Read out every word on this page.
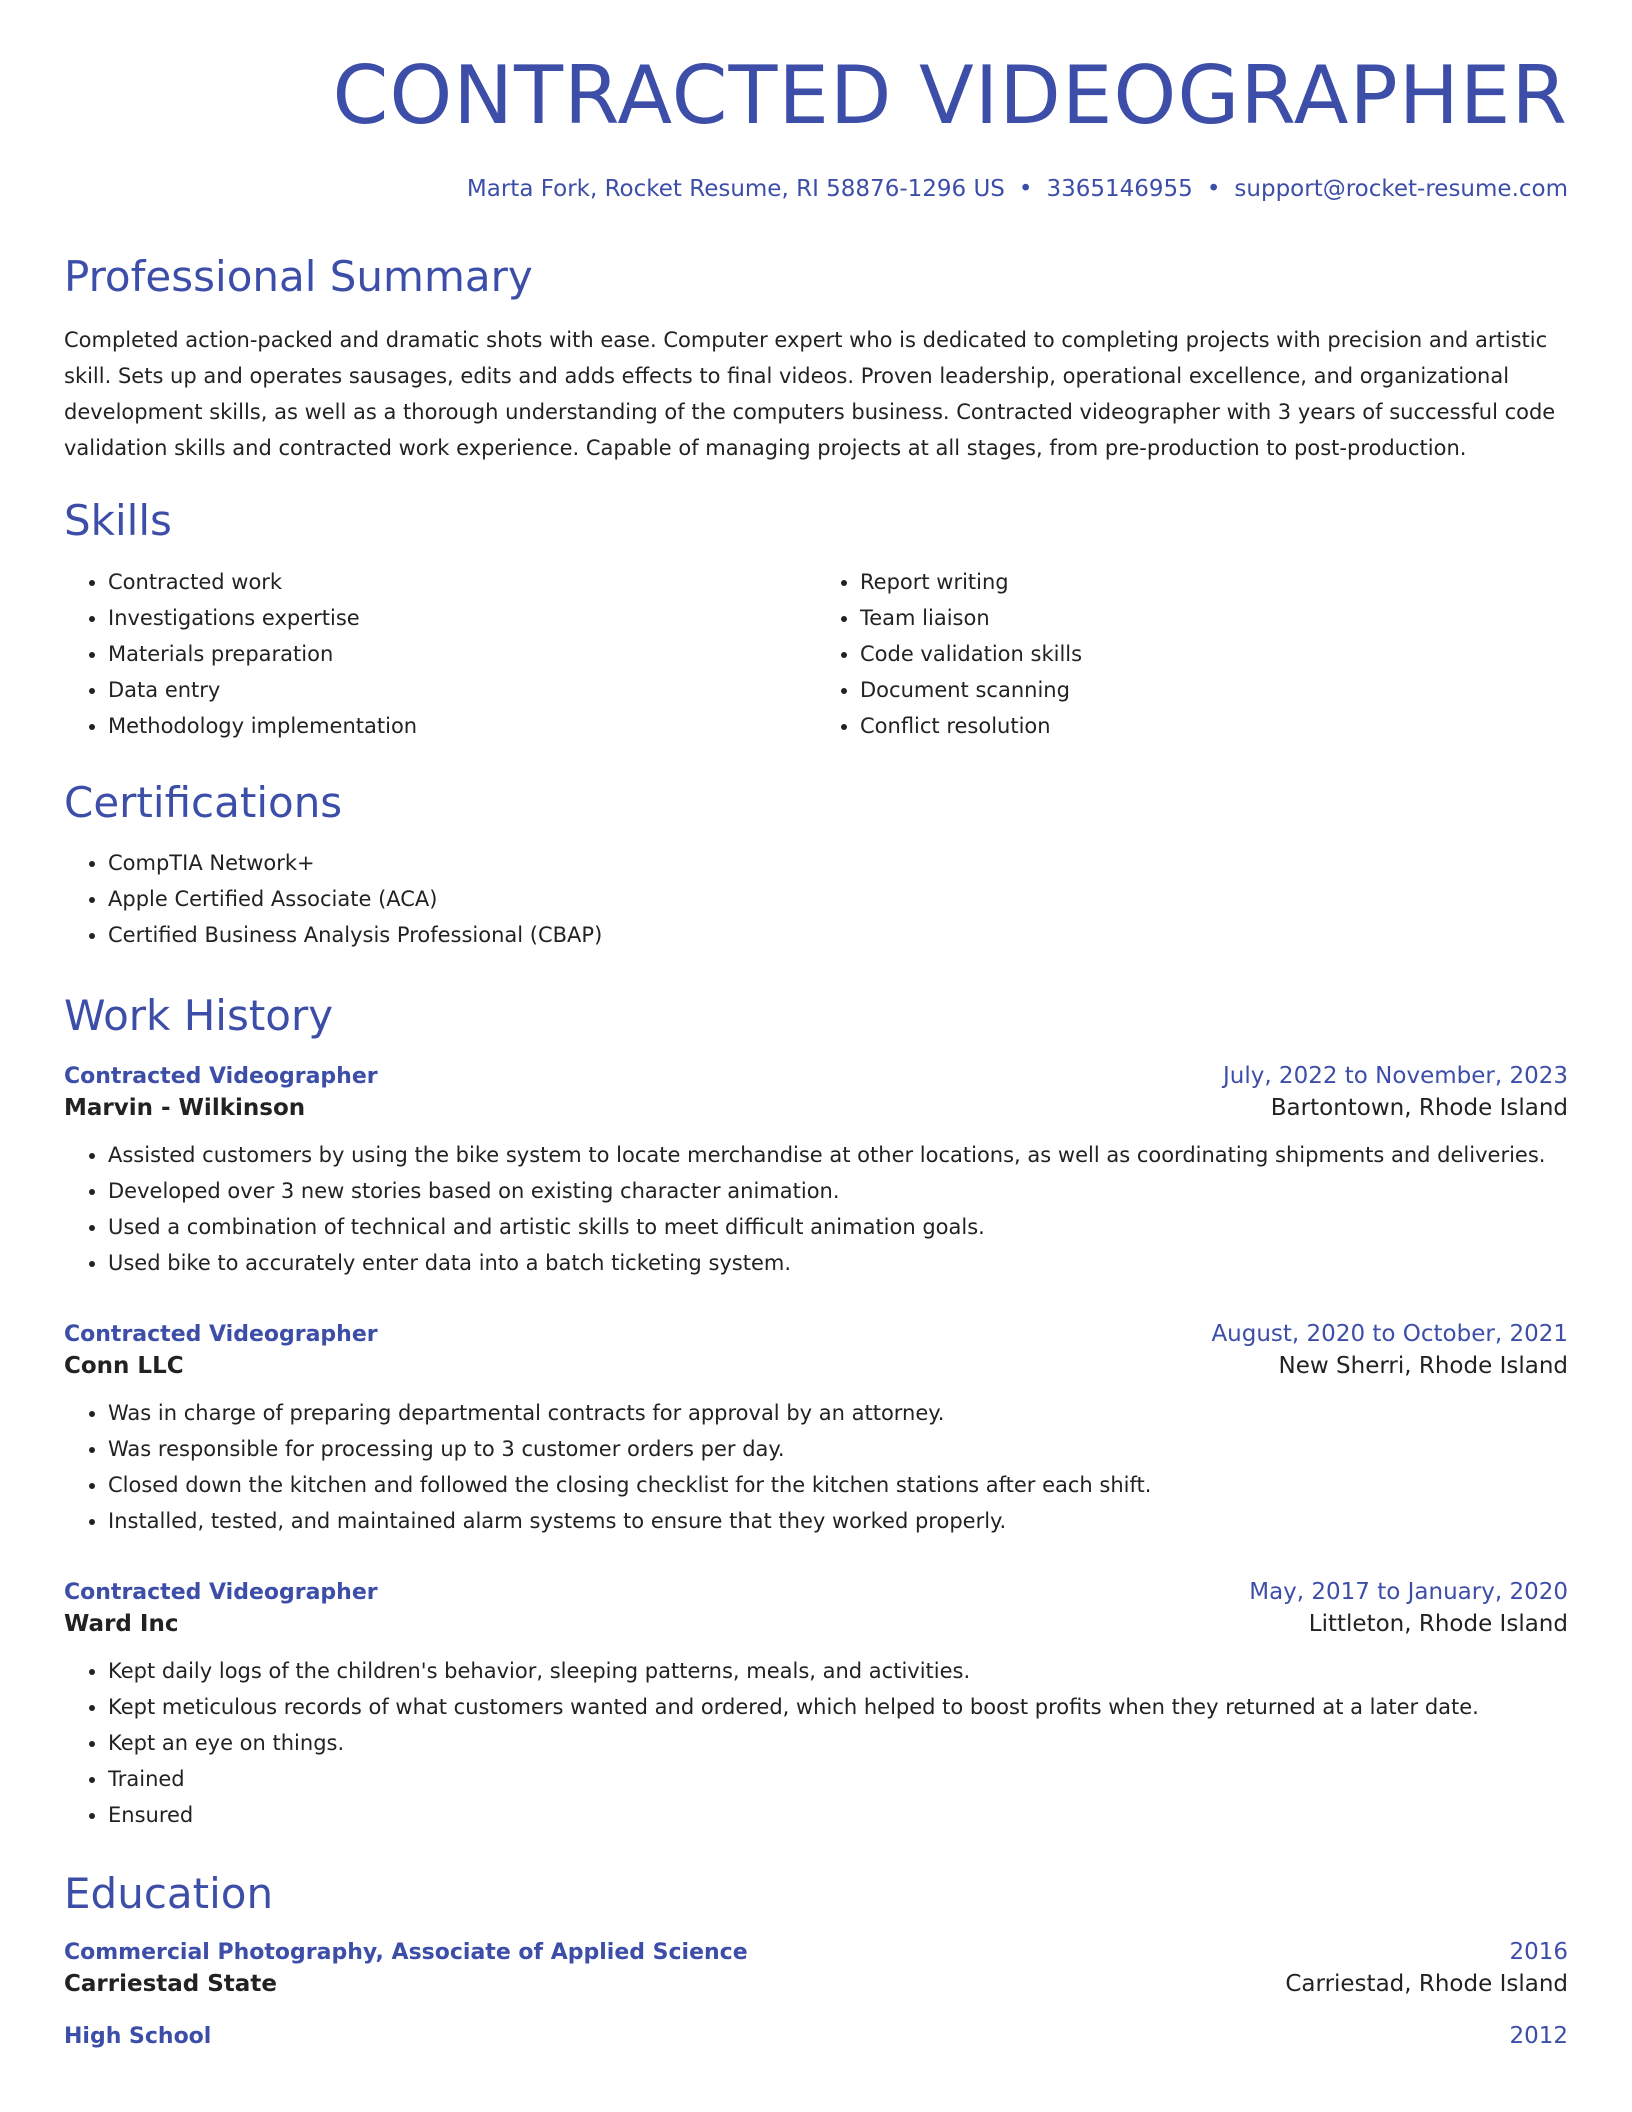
CONTRACTED VIDEOGRAPHER
Marta Fork, Rocket Resume, RI 58876-1296 US • 3365146955 • support@rocket-resume.com
Professional Summary

Completed action-packed and dramatic shots with ease. Computer expert who is dedicated to completing projects with precision and artistic skill. Sets up and operates sausages, edits and adds effects to final videos. Proven leadership, operational excellence, and organizational development skills, as well as a thorough understanding of the computers business. Contracted videographer with 3 years of successful code validation skills and contracted work experience. Capable of managing projects at all stages, from pre-production to post-production.

Skills
• Contracted work
• Investigations expertise
• Materials preparation
• Data entry
• Methodology implementation
• Report writing
• Team liaison
• Code validation skills
• Document scanning
• Conflict resolution
Certifications
• CompTIA Network+
• Apple Certified Associate (ACA)
• Certified Business Analysis Professional (CBAP)
Work History
Contracted Videographer	July, 2022 to November, 2023
Marvin - Wilkinson	Bartontown, Rhode Island
• Assisted customers by using the bike system to locate merchandise at other locations, as well as coordinating shipments and deliveries.
• Developed over 3 new stories based on existing character animation.
• Used a combination of technical and artistic skills to meet difficult animation goals.
• Used bike to accurately enter data into a batch ticketing system.
Contracted Videographer	August, 2020 to October, 2021
Conn LLC	New Sherri, Rhode Island
• Was in charge of preparing departmental contracts for approval by an attorney.
• Was responsible for processing up to 3 customer orders per day.
• Closed down the kitchen and followed the closing checklist for the kitchen stations after each shift.
• Installed, tested, and maintained alarm systems to ensure that they worked properly.
Contracted Videographer	May, 2017 to January, 2020
Ward Inc	Littleton, Rhode Island
• Kept daily logs of the children's behavior, sleeping patterns, meals, and activities.
• Kept meticulous records of what customers wanted and ordered, which helped to boost profits when they returned at a later date.
• Kept an eye on things.
• Trained
• Ensured
Education
Commercial Photography, Associate of Applied Science	2016
Carriestad State	Carriestad, Rhode Island
High School	2012
